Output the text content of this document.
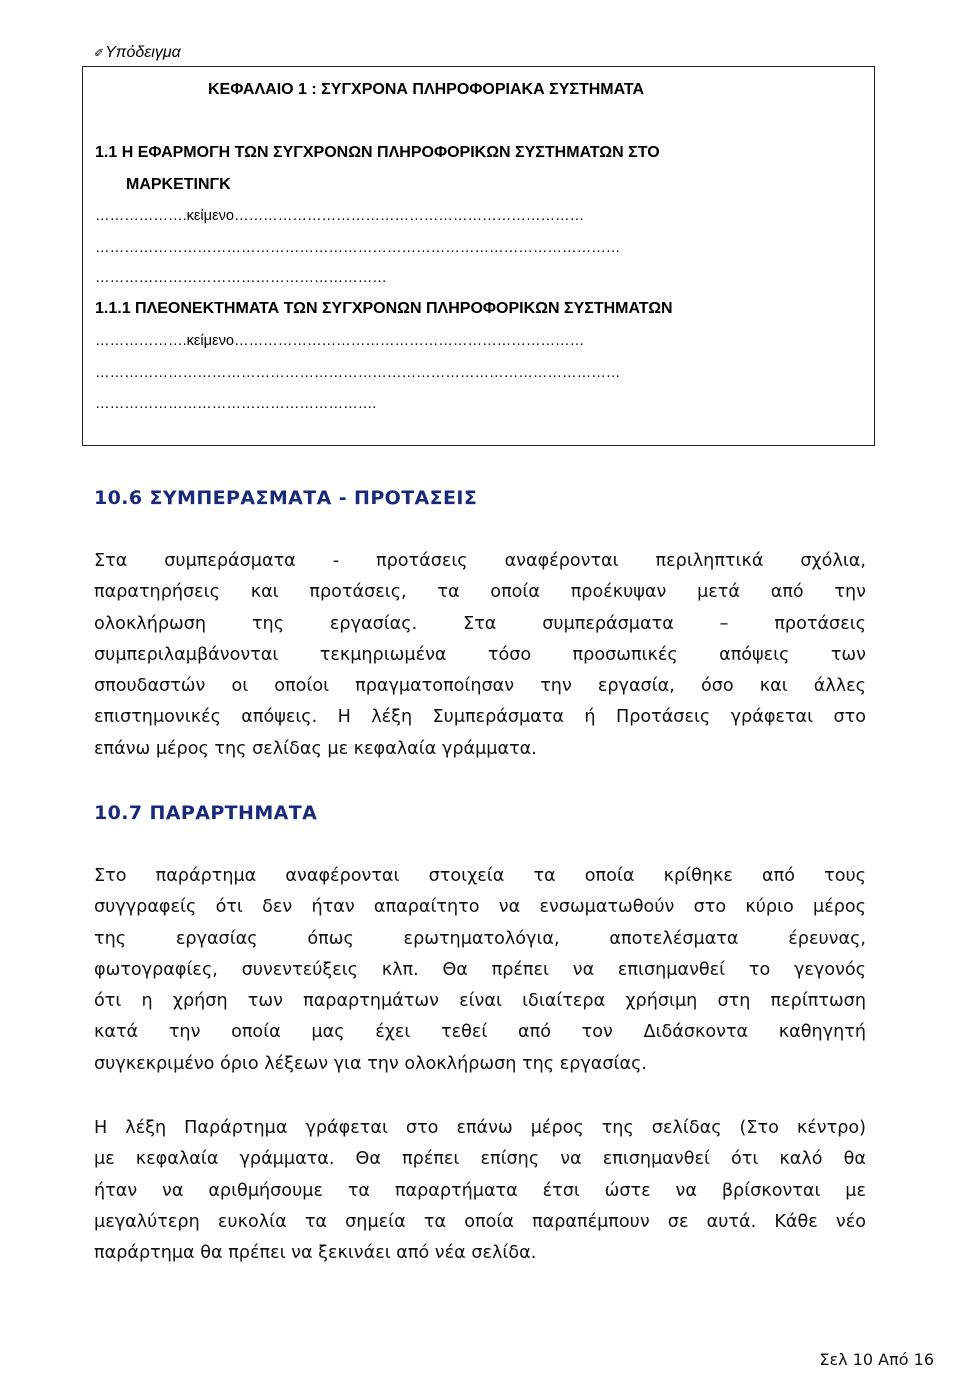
✐Υπόδειγμα
ΚΕΦΑΛΑΙΟ 1 : ΣΥΓΧΡΟΝΑ ΠΛΗΡΟΦΟΡΙΑΚΑ ΣΥΣΤΗΜΑΤΑ
1.1 Η ΕΦΑΡΜΟΓΗ ΤΩΝ ΣΥΓΧΡΟΝΩΝ ΠΛΗΡΟΦΟΡΙΚΩΝ ΣΥΣΤΗΜΑΤΩΝ ΣΤΟ
ΜΑΡΚΕΤΙΝΓΚ
……………….κείμενο………………………………………………………………
………………………………………………………………………………………………
……………………………………………………
1.1.1 ΠΛΕΟΝΕΚΤΗΜΑΤΑ ΤΩΝ ΣΥΓΧΡΟΝΩΝ ΠΛΗΡΟΦΟΡΙΚΩΝ ΣΥΣΤΗΜΑΤΩΝ
……………….κείμενο………………………………………………………………
………………………………………………………………………………………………
………………………………………………….
10.6 ΣΥΜΠΕΡΑΣΜΑΤΑ - ΠΡΟΤΑΣΕΙΣ
Στα συμπεράσματα - προτάσεις αναφέρονται περιληπτικά σχόλια,
παρατηρήσεις και προτάσεις, τα οποία προέκυψαν μετά από την
ολοκλήρωση της εργασίας. Στα συμπεράσματα – προτάσεις
συμπεριλαμβάνονται τεκμηριωμένα τόσο προσωπικές απόψεις των
σπουδαστών οι οποίοι πραγματοποίησαν την εργασία, όσο και άλλες
επιστημονικές απόψεις. Η λέξη Συμπεράσματα ή Προτάσεις γράφεται στο
επάνω μέρος της σελίδας με κεφαλαία γράμματα.
10.7 ΠΑΡΑΡΤΗΜΑΤΑ
Στο παράρτημα αναφέρονται στοιχεία τα οποία κρίθηκε από τους
συγγραφείς ότι δεν ήταν απαραίτητο να ενσωματωθούν στο κύριο μέρος
της εργασίας όπως ερωτηματολόγια, αποτελέσματα έρευνας,
φωτογραφίες, συνεντεύξεις κλπ. Θα πρέπει να επισημανθεί το γεγονός
ότι η χρήση των παραρτημάτων είναι ιδιαίτερα χρήσιμη στη περίπτωση
κατά την οποία μας έχει τεθεί από τον Διδάσκοντα καθηγητή
συγκεκριμένο όριο λέξεων για την ολοκλήρωση της εργασίας.
Η λέξη Παράρτημα γράφεται στο επάνω μέρος της σελίδας (Στο κέντρο)
με κεφαλαία γράμματα. Θα πρέπει επίσης να επισημανθεί ότι καλό θα
ήταν να αριθμήσουμε τα παραρτήματα έτσι ώστε να βρίσκονται με
μεγαλύτερη ευκολία τα σημεία τα οποία παραπέμπουν σε αυτά. Κάθε νέο
παράρτημα θα πρέπει να ξεκινάει από νέα σελίδα.
Σελ 10 Από 16
